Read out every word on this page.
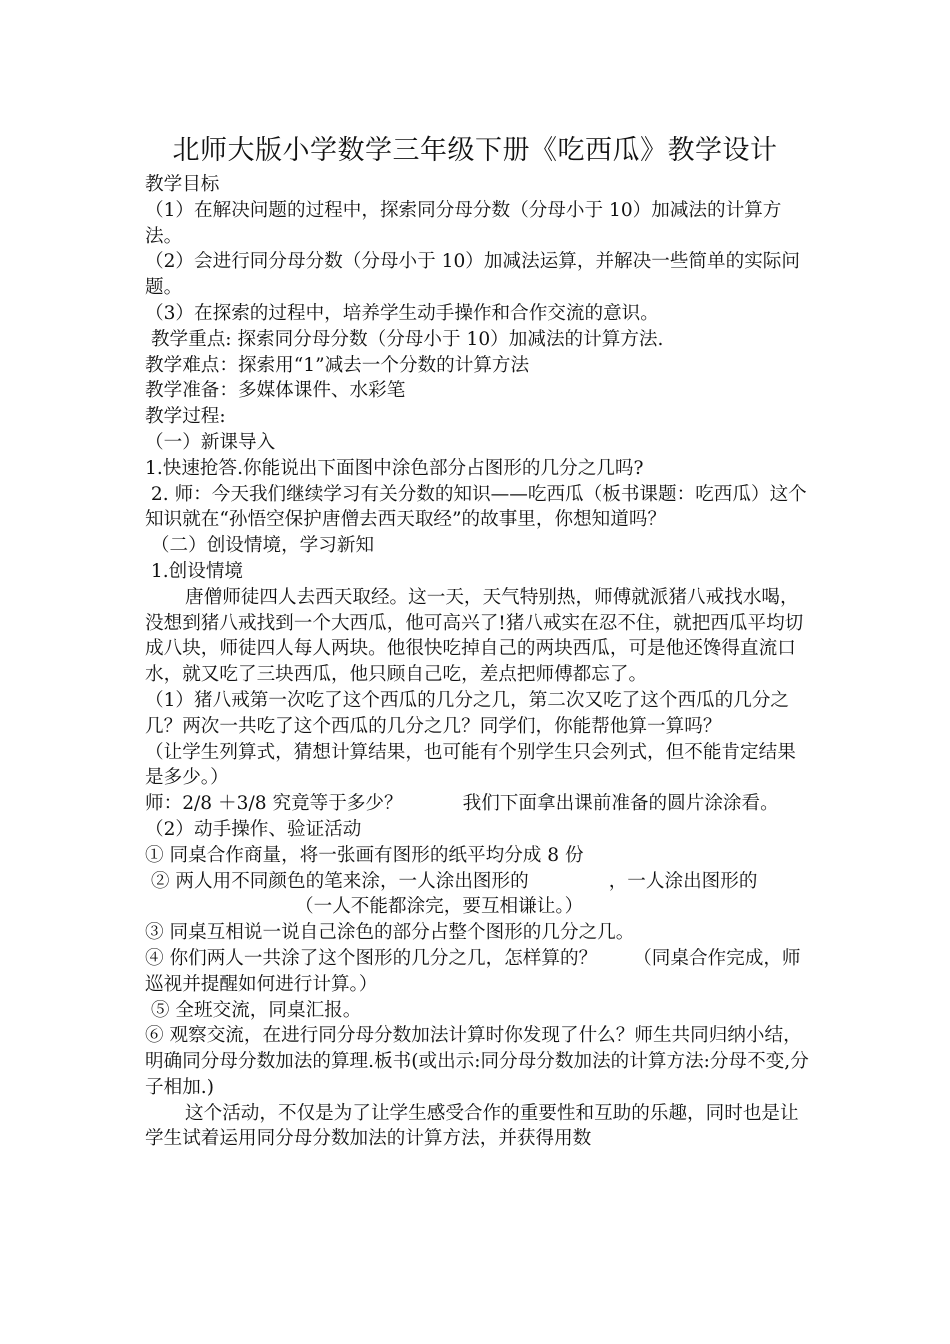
北师大版小学数学三年级下册《吃西瓜》教学设计

教学目标

（1）在解决问题的过程中，探索同分母分数（分母小于 10）加减法的计算方法。

（2）会进行同分母分数（分母小于 10）加减法运算，并解决一些简单的实际问题。

（3）在探索的过程中，培养学生动手操作和合作交流的意识。

教学重点: 探索同分母分数（分母小于 10）加减法的计算方法.

教学难点：探索用“1”减去一个分数的计算方法

教学准备：多媒体课件、水彩笔

教学过程:

（一）新课导入

1.快速抢答.你能说出下面图中涂色部分占图形的几分之几吗?

2. 师：今天我们继续学习有关分数的知识——吃西瓜（板书课题：吃西瓜）这个知识就在“孙悟空保护唐僧去西天取经”的故事里，你想知道吗？

（二）创设情境，学习新知

1.创设情境

唐僧师徒四人去西天取经。这一天，天气特别热，师傅就派猪八戒找水喝，没想到猪八戒找到一个大西瓜，他可高兴了!猪八戒实在忍不住，就把西瓜平均切成八块，师徒四人每人两块。他很快吃掉自己的两块西瓜，可是他还馋得直流口水，就又吃了三块西瓜，他只顾自己吃，差点把师傅都忘了。

（1）猪八戒第一次吃了这个西瓜的几分之几，第二次又吃了这个西瓜的几分之几？两次一共吃了这个西瓜的几分之几？同学们，你能帮他算一算吗？

（让学生列算式，猜想计算结果，也可能有个别学生只会列式，但不能肯定结果是多少。）

师：2/8 ＋3/8 究竟等于多少？	我们下面拿出课前准备的圆片涂涂看。

（2）动手操作、验证活动

① 同桌合作商量，将一张画有图形的纸平均分成 8 份

② 两人用不同颜色的笔来涂，一人涂出图形的	，一人涂出图形的（一人不能都涂完，要互相谦让。）

③ 同桌互相说一说自己涂色的部分占整个图形的几分之几。

④ 你们两人一共涂了这个图形的几分之几，怎样算的？ （同桌合作完成，师巡视并提醒如何进行计算。）

⑤ 全班交流，同桌汇报。

⑥ 观察交流，在进行同分母分数加法计算时你发现了什么？师生共同归纳小结，明确同分母分数加法的算理.板书(或出示:同分母分数加法的计算方法:分母不变,分子相加.)

这个活动，不仅是为了让学生感受合作的重要性和互助的乐趣，同时也是让学生试着运用同分母分数加法的计算方法，并获得用数
